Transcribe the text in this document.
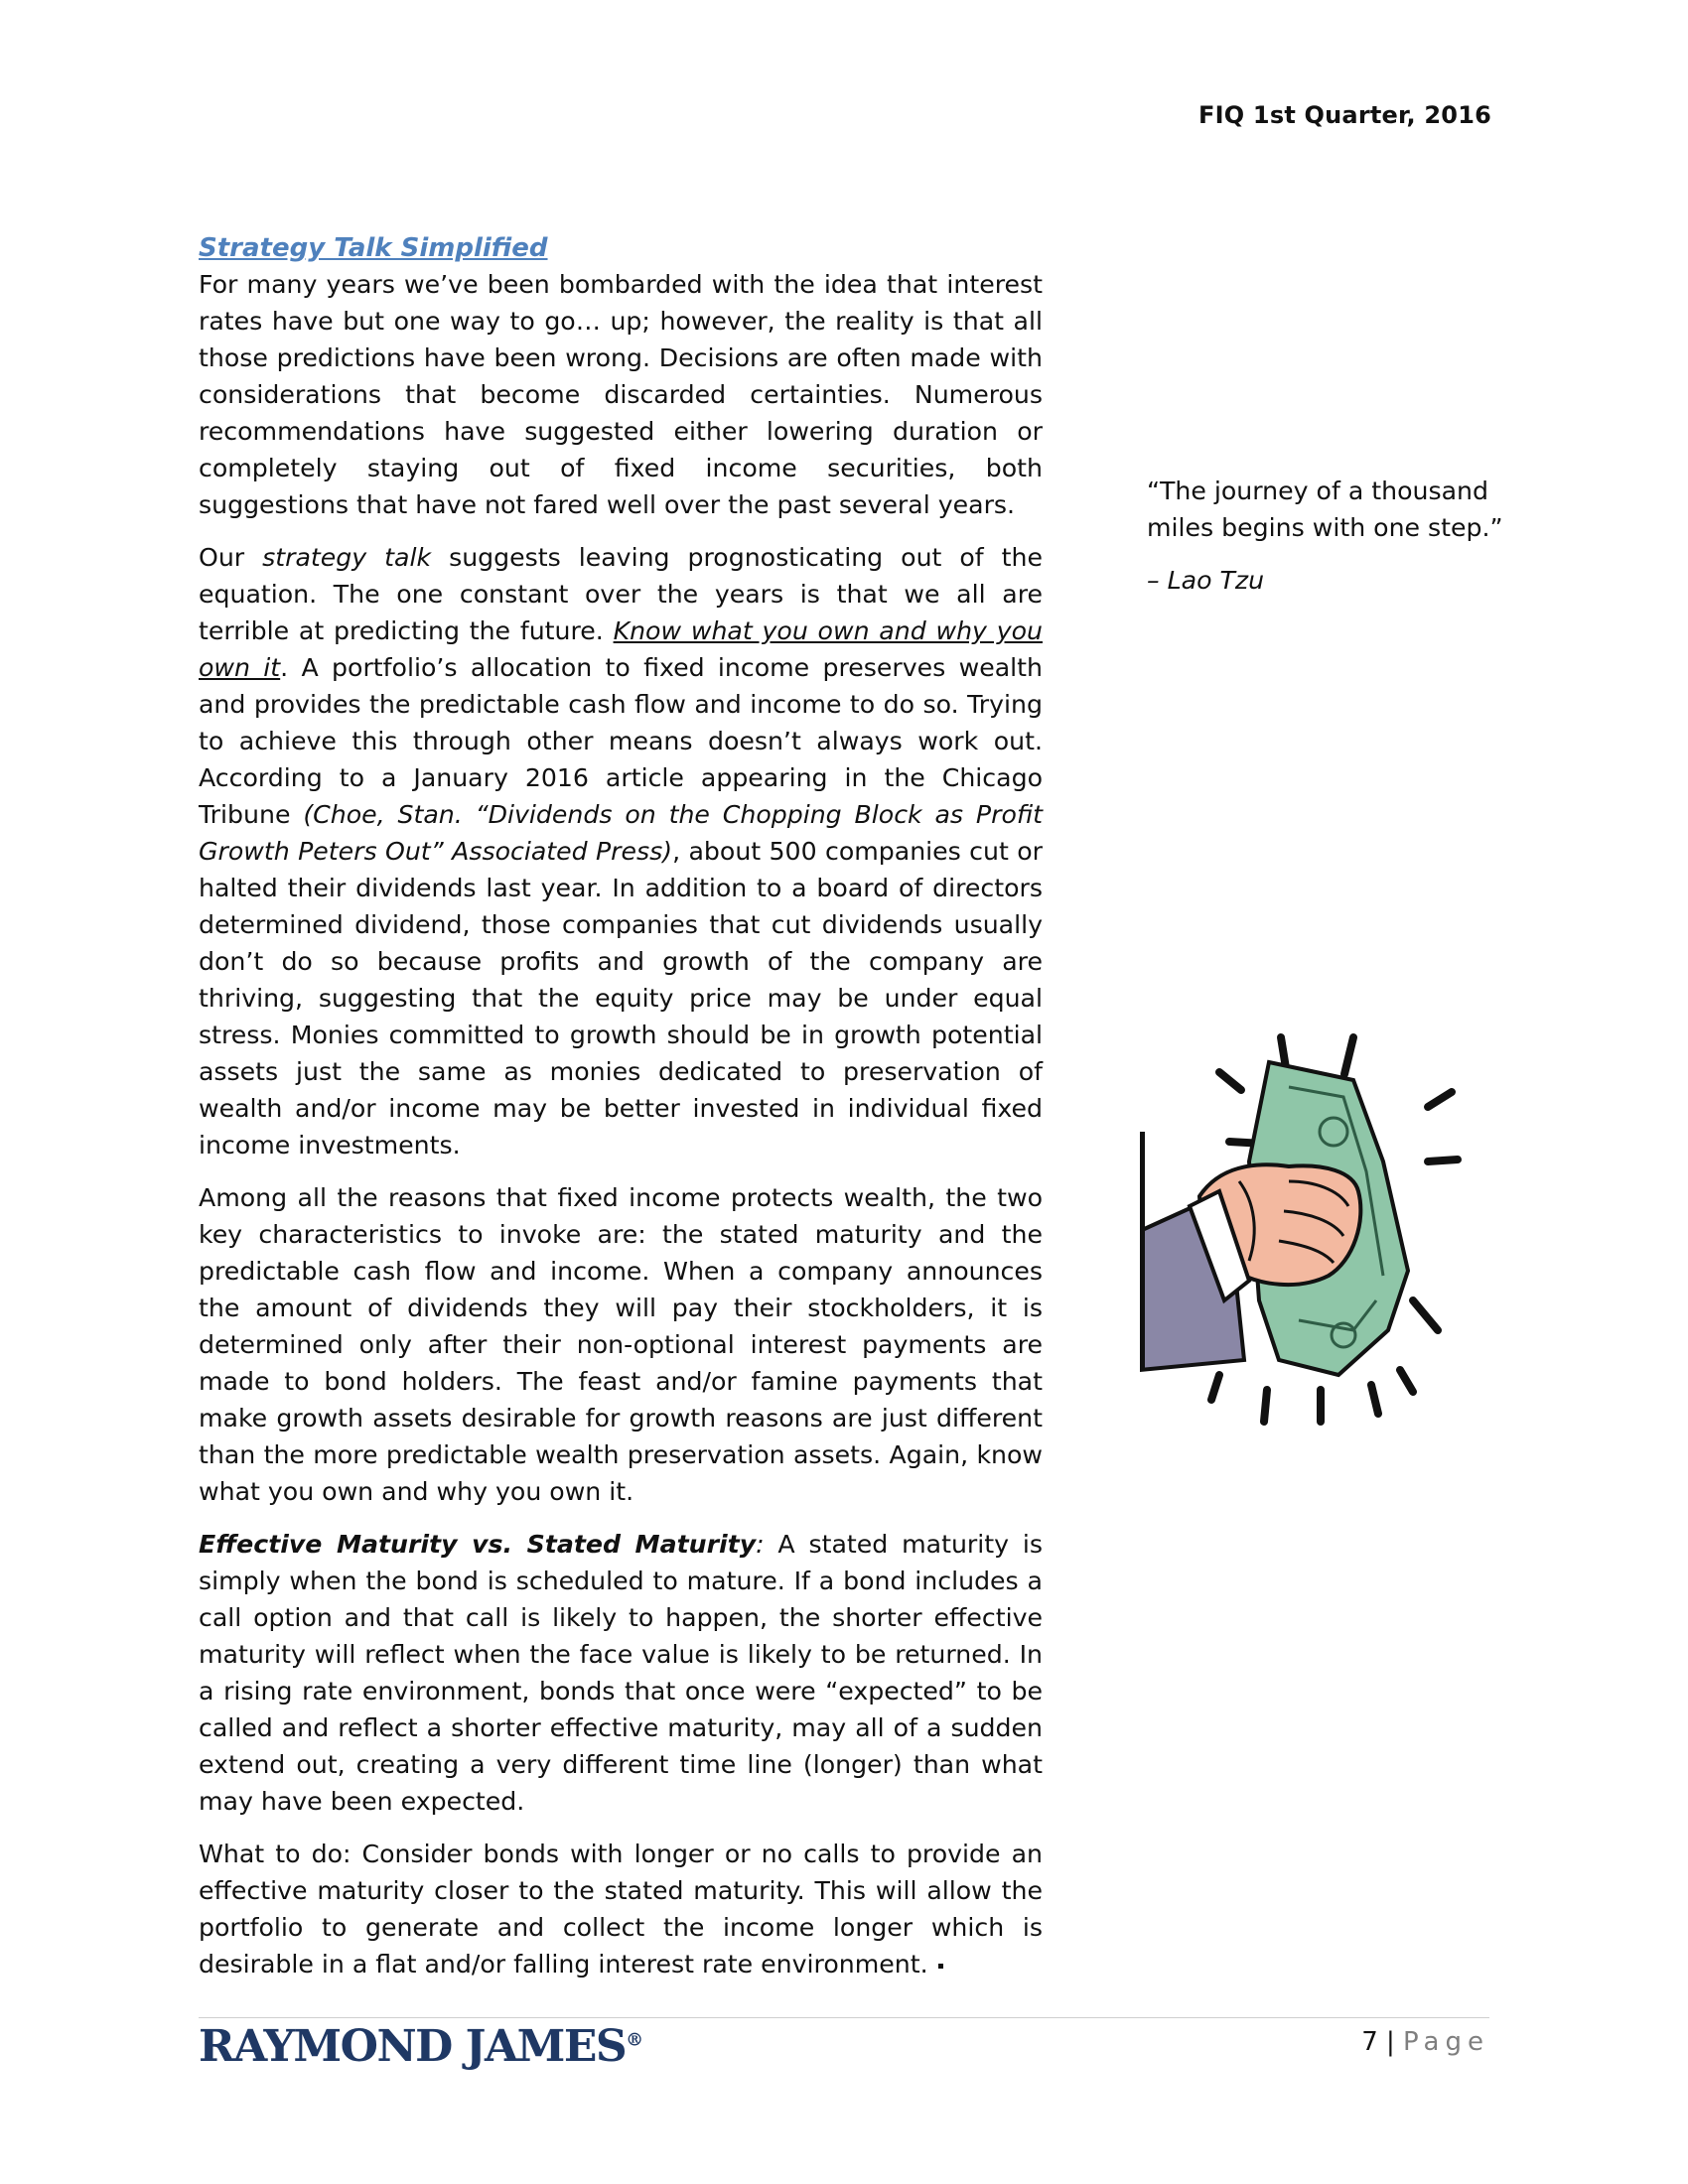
FIQ 1st Quarter, 2016
Strategy Talk Simplified

For many years we’ve been bombarded with the idea that interest rates have but one way to go… up; however, the reality is that all those predictions have been wrong. Decisions are often made with considerations that become discarded certainties. Numerous recommendations have suggested either lowering duration or completely staying out of fixed income securities, both suggestions that have not fared well over the past several years.

Our strategy talk suggests leaving prognosticating out of the equation. The one constant over the years is that we all are terrible at predicting the future. Know what you own and why you own it. A portfolio’s allocation to fixed income preserves wealth and provides the predictable cash flow and income to do so. Trying to achieve this through other means doesn’t always work out. According to a January 2016 article appearing in the Chicago Tribune (Choe, Stan. “Dividends on the Chopping Block as Profit Growth Peters Out” Associated Press), about 500 companies cut or halted their dividends last year. In addition to a board of directors determined dividend, those companies that cut dividends usually don’t do so because profits and growth of the company are thriving, suggesting that the equity price may be under equal stress. Monies committed to growth should be in growth potential assets just the same as monies dedicated to preservation of wealth and/or income may be better invested in individual fixed income investments.

Among all the reasons that fixed income protects wealth, the two key characteristics to invoke are: the stated maturity and the predictable cash flow and income. When a company announces the amount of dividends they will pay their stockholders, it is determined only after their non-optional interest payments are made to bond holders. The feast and/or famine payments that make growth assets desirable for growth reasons are just different than the more predictable wealth preservation assets. Again, know what you own and why you own it.

Effective Maturity vs. Stated Maturity: A stated maturity is simply when the bond is scheduled to mature. If a bond includes a call option and that call is likely to happen, the shorter effective maturity will reflect when the face value is likely to be returned. In a rising rate environment, bonds that once were “expected” to be called and reflect a shorter effective maturity, may all of a sudden extend out, creating a very different time line (longer) than what may have been expected.

What to do: Consider bonds with longer or no calls to provide an effective maturity closer to the stated maturity. This will allow the portfolio to generate and collect the income longer which is desirable in a flat and/or falling interest rate environment.

“The journey of a thousand miles begins with one step.”

– Lao Tzu

RAYMOND JAMES®	7 | Page
